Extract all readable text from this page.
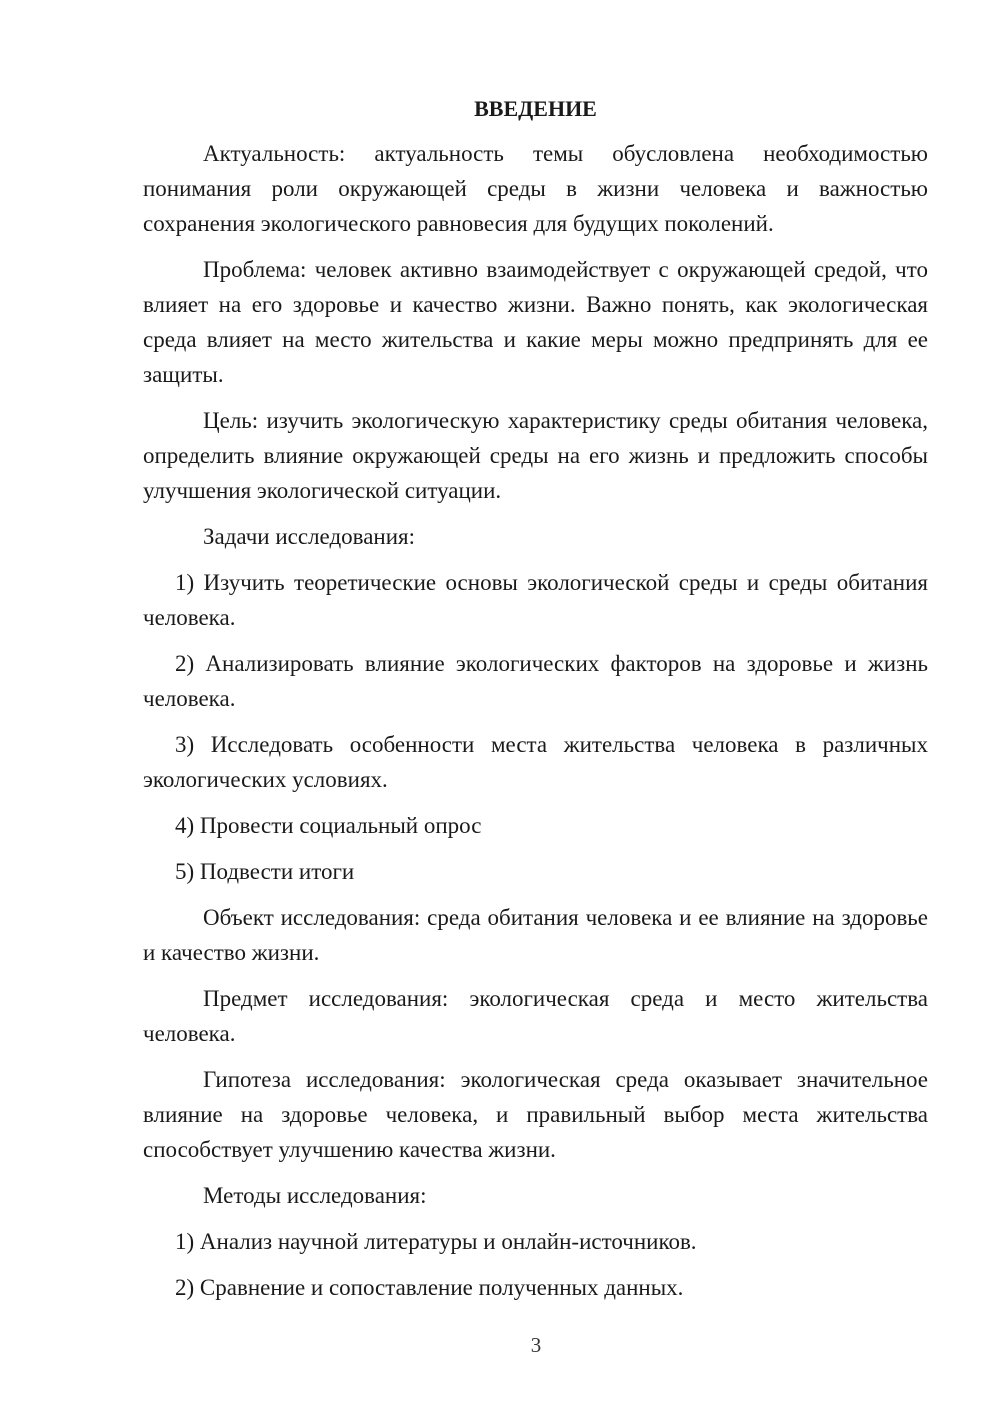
ВВЕДЕНИЕ

Актуальность: актуальность темы обусловлена необходимостью понимания роли окружающей среды в жизни человека и важностью сохранения экологического равновесия для будущих поколений.

Проблема: человек активно взаимодействует с окружающей средой, что влияет на его здоровье и качество жизни. Важно понять, как экологическая среда влияет на место жительства и какие меры можно предпринять для ее защиты.

Цель: изучить экологическую характеристику среды обитания человека, определить влияние окружающей среды на его жизнь и предложить способы улучшения экологической ситуации.

Задачи исследования:

1) Изучить теоретические основы экологической среды и среды обитания человека.

2) Анализировать влияние экологических факторов на здоровье и жизнь человека.

3) Исследовать особенности места жительства человека в различных экологических условиях.

4) Провести социальный опрос

5) Подвести итоги

Объект исследования: среда обитания человека и ее влияние на здоровье и качество жизни.

Предмет исследования: экологическая среда и место жительства человека.

Гипотеза исследования: экологическая среда оказывает значительное влияние на здоровье человека, и правильный выбор места жительства способствует улучшению качества жизни.

Методы исследования:

1) Анализ научной литературы и онлайн-источников.

2) Сравнение и сопоставление полученных данных.

3
